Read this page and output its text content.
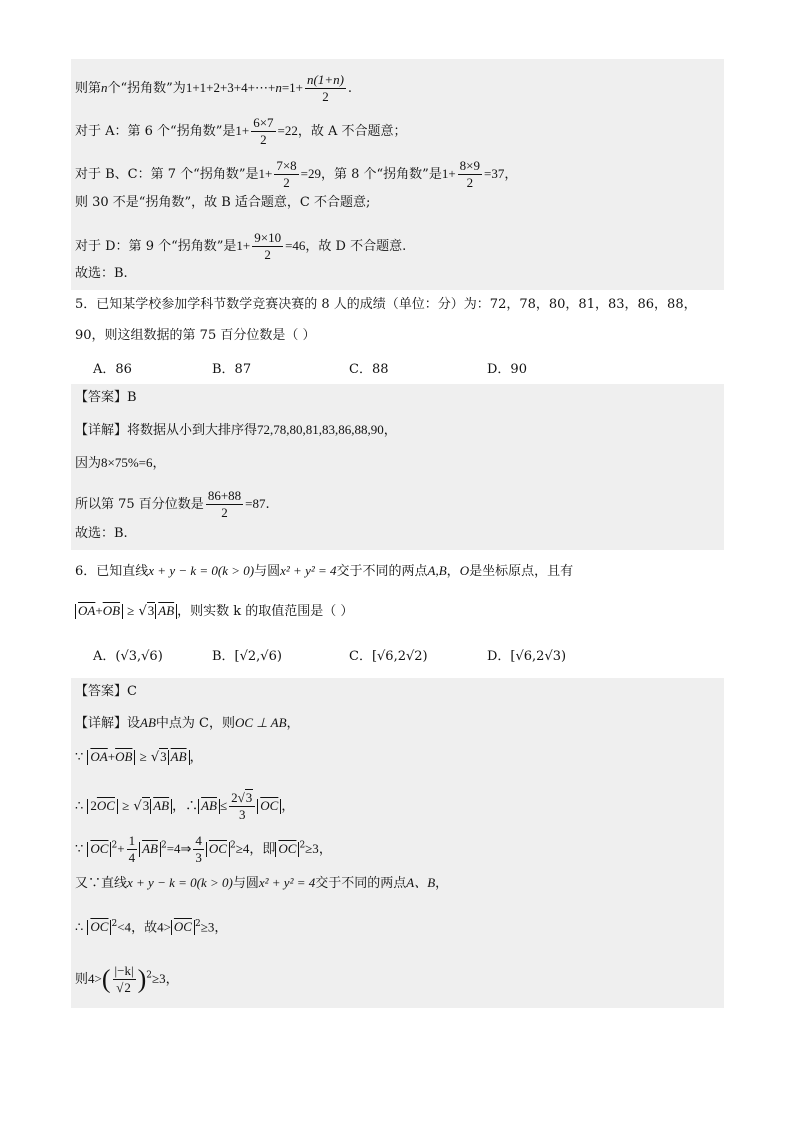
则第n个“拐角数”为1+1+2+3+4+⋯+n=1+ $\frac{n(1+n)}{2}$ .
对于 A：第 6 个“拐角数”是$1+ \frac{6\times 7}{2} =22$，故 A 不合题意；
对于 B、C：第 7 个“拐角数”是$1+ \frac{7\times 8}{2} =29$，第 8 个“拐角数”是$1+ \frac{8\times 9}{2} =37$，
则 30 不是“拐角数”，故 B 适合题意，C 不合题意;
对于 D：第 9 个“拐角数”是$1+ \frac{9\times 10}{2} =46$，故 D 不合题意.
故选：B.
5．已知某学校参加学科节数学竞赛决赛的 8 人的成绩（单位：分）为：72，78，80，81，83，86，88，
90，则这组数据的第 75 百分位数是（ ）
A．86	B．87	C．88	D．90
【答案】B
【详解】将数据从小到大排序得72,78,80,81,83,86,88,90，
因为8×75%=6，
所以第 75 百分位数是 $\frac{86+88}{2} =87$.
故选：B.
6．已知直线x + y − k = 0(k > 0)与圆x² + y² = 4交于不同的两点A,B，O是坐标原点，且有
$\overline{OA}+\overline{OB} \ge √3$ $\overline{AB}$ ，则实数 k 的取值范围是（ ）
A．(√3,√6)	B．[√2,√6)	C．[√6,2√2)	D．[√6,2√3)
【答案】C
【详解】设AB中点为 C，则OC ⊥ AB，
∵ $\overline{OA}+\overline{OB} \ge √3$ $\overline{AB}$ ，
∴ $2\overline{OC} \ge √3$ $\overline{AB}$ ，∴ $\overline{AB} \le \frac{2√3}{3} \overline{OC}$ ，
∵ $\overline{OC}$ $^2+ \frac{1}{4} \overline{AB}$ $^2$=4⇒ $\frac{4}{3} \overline{OC}$ $^2$≥4，即 $\overline{OC}$ $^2$≥3，
又∵直线x + y − k = 0(k > 0)与圆x² + y² = 4交于不同的两点A、B，
∴ $\overline{OC}$ $^2$<4，故$4> \overline{OC}$ $^2$≥3，
则$4>( \frac{|-k|}{√2} )^2\ge 3$，
